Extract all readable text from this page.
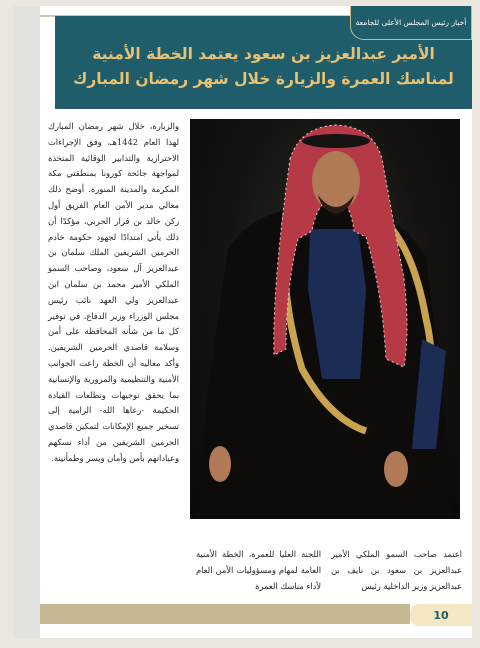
الأمير عبدالعزيز بن سعود يعتمد الخطة الأمنية
لمناسك العمرة والزيارة خلال شهر رمضان المبارك
أخبار رئيس المجلس الأعلى للجامعة

والزيارة، خلال شهر رمضان المبارك لهذا العام 1442هـ، وفق الإجراءات الاحترازية والتدابير الوقائية المتخذة لمواجهة جائحة كورونا بمنطقتي مكة المكرمة والمدينة المنورة. أوضح ذلك معالي مدير الأمن العام الفريق أول ركن خالد بن قرار الحربي، مؤكدًا أن ذلك يأتي امتدادًا لجهود حكومة خادم الحرمين الشريفين الملك سلمان بن عبدالعزيز آل سعود، وصاحب السمو الملكي الأمير محمد بن سلمان ابن عبدالعزيز ولي العهد نائب رئيس مجلس الوزراء وزير الدفاع، في توفير كل ما من شأنه المحافظة على أمن وسلامة قاصدي الحرمين الشريفين. وأكد معاليه أن الخطة راعت الجوانب الأمنية والتنظيمية والمرورية والإنسانية بما يحقق توجيهات وتطلعات القيادة الحكيمة -رعاها الله- الرامية إلى تسخير جميع الإمكانات لتمكين قاصدي الحرمين الشريفين من أداء نسكهم وعباداتهم بأمن وأمان ويسر وطمأنينة.

اللجنة العليا للعمرة، الخطة الأمنية العامة لمهام ومسؤوليات الأمن العام لأداء مناسك العمرة

اعتمد صاحب السمو الملكي الأمير عبدالعزيز بن سعود بن نايف بن عبدالعزيز وزير الداخلية رئيس

10
